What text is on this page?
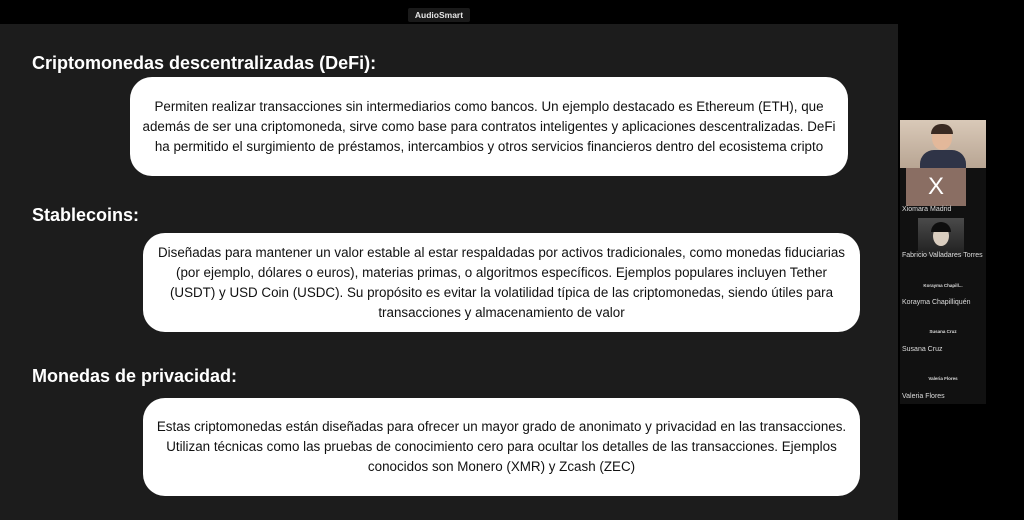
AudioSmart
Criptomonedas descentralizadas (DeFi):
Permiten realizar transacciones sin intermediarios como bancos. Un ejemplo destacado es Ethereum (ETH), que además de ser una criptomoneda, sirve como base para contratos inteligentes y aplicaciones descentralizadas. DeFi ha permitido el surgimiento de préstamos, intercambios y otros servicios financieros dentro del ecosistema cripto
Stablecoins:
Diseñadas para mantener un valor estable al estar respaldadas por activos tradicionales, como monedas fiduciarias (por ejemplo, dólares o euros), materias primas, o algoritmos específicos. Ejemplos populares incluyen Tether (USDT) y USD Coin (USDC). Su propósito es evitar la volatilidad típica de las criptomonedas, siendo útiles para transacciones y almacenamiento de valor
Monedas de privacidad:
Estas criptomonedas están diseñadas para ofrecer un mayor grado de anonimato y privacidad en las transacciones. Utilizan técnicas como las pruebas de conocimiento cero para ocultar los detalles de las transacciones. Ejemplos conocidos son Monero (XMR) y Zcash (ZEC)
X
Xiomara Madrid
Fabricio Valladares Torres
Korayma Chapill...
Korayma Chapilliquén
Susana Cruz
Susana Cruz
Valeria Flores
Valeria Flores
